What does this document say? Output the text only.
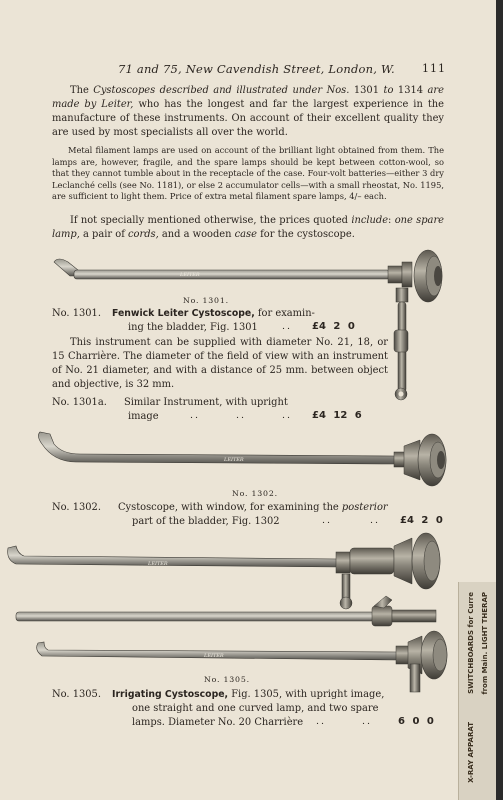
71 and 75, New Cavendish Street, London, W. 111

The Cystoscopes described and illustrated under Nos. 1301 to 1314 are made by Leiter, who has the longest and far the largest experience in the manufacture of these instruments. On account of their excellent quality they are used by most specialists all over the world.

Metal filament lamps are used on account of the brilliant light obtained from them. The lamps are, however, fragile, and the spare lamps should be kept between cotton-wool, so that they cannot tumble about in the receptacle of the case. Four-volt batteries—either 3 dry Leclanché cells (see No. 1181), or else 2 accumulator cells—with a small rheostat, No. 1195, are sufficient to light them. Price of extra metal filament spare lamps, 4/– each.

If not specially mentioned otherwise, the prices quoted include: one spare lamp, a pair of cords, and a wooden case for the cystoscope.

LEITER
LEITER
LEITER
LEITER
No. 1301.
No. 1301. Fenwick Leiter Cystoscope, for examin-
ing the bladder, Fig. 1301	.. £4 2 0

This instrument can be supplied with diameter No. 21, 18, or 15 Charrière. The diameter of the field of view with an instrument of No. 21 diameter, and with a distance of 25 mm. between object and objective, is 32 mm.

No. 1301a. Similar Instrument, with upright
image	..	..	.. £4 12 6
No. 1302.
No. 1302. Cystoscope, with window, for examining the posterior
part of the bladder, Fig. 1302	..	.. £4 2 0
No. 1305.
No. 1305. Irrigating Cystoscope, Fig. 1305, with upright image,
one straight and one curved lamp, and two spare
lamps. Diameter No. 20 Charrière ..	..	6 0 0
SWITCHBOARDS for Curre from Main. LIGHT THERAP
X-RAY APPARAT
